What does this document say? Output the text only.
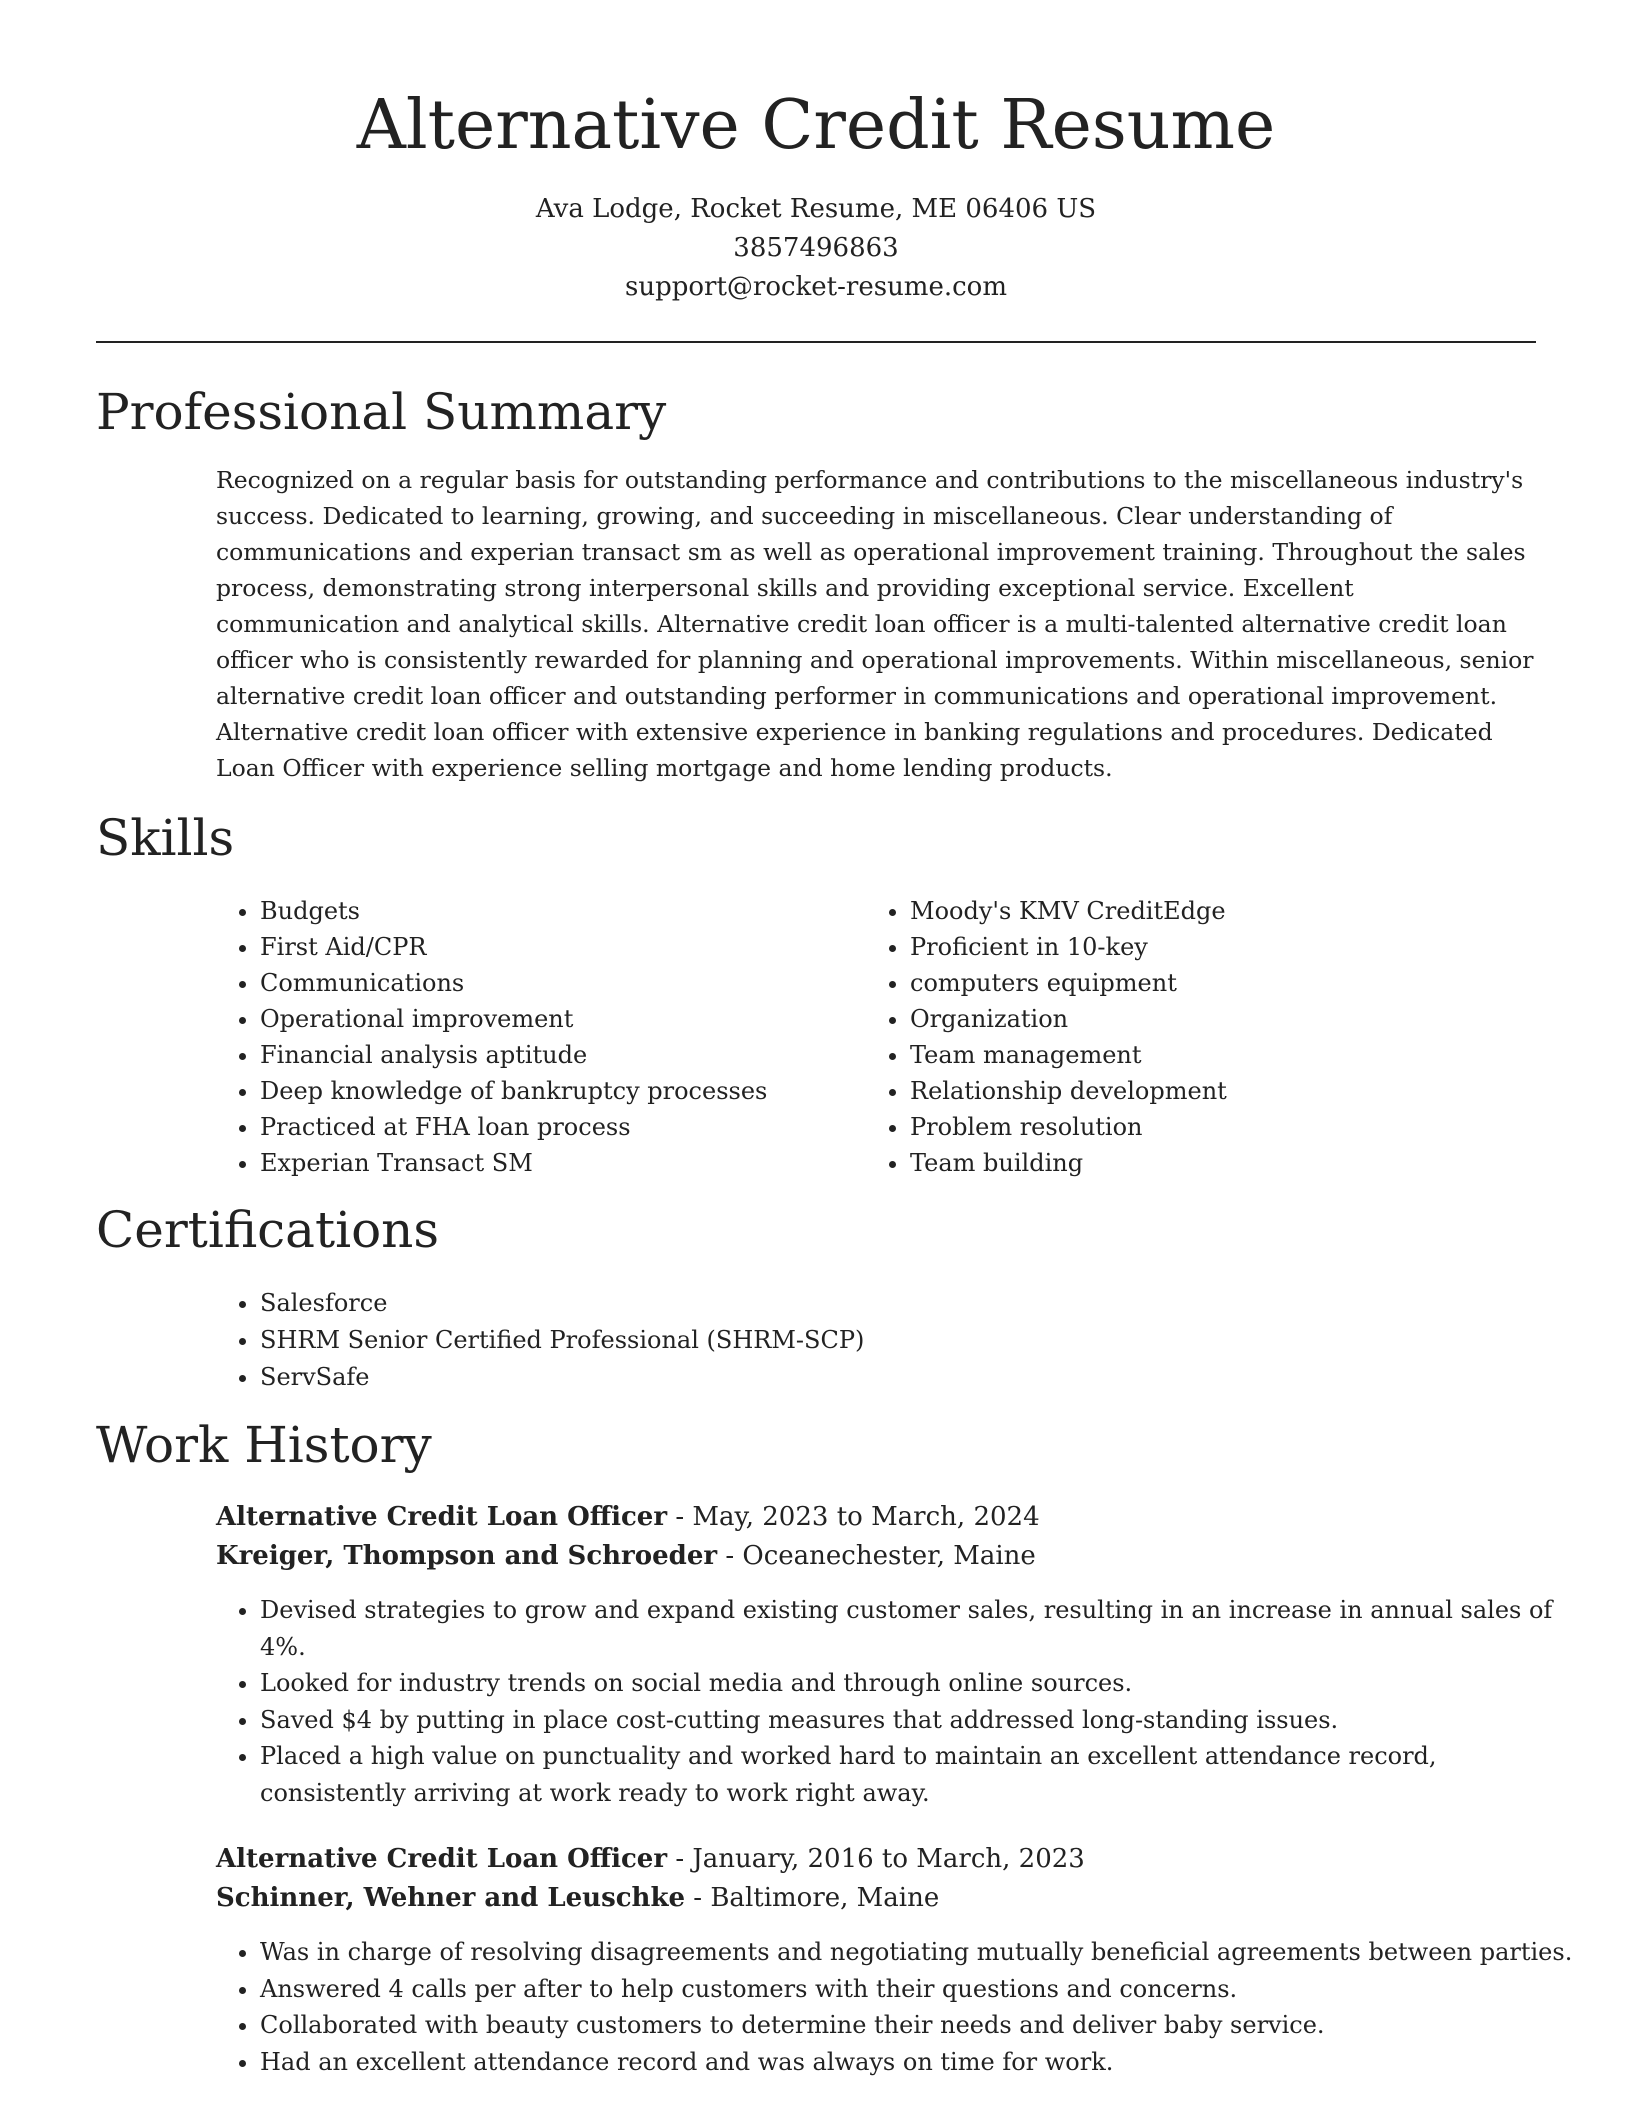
Alternative Credit Resume
Ava Lodge, Rocket Resume, ME 06406 US
3857496863
support@rocket-resume.com
Professional Summary

Recognized on a regular basis for outstanding performance and contributions to the miscellaneous industry's success. Dedicated to learning, growing, and succeeding in miscellaneous. Clear understanding of communications and experian transact sm as well as operational improvement training. Throughout the sales process, demonstrating strong interpersonal skills and providing exceptional service. Excellent communication and analytical skills. Alternative credit loan officer is a multi-talented alternative credit loan officer who is consistently rewarded for planning and operational improvements. Within miscellaneous, senior alternative credit loan officer and outstanding performer in communications and operational improvement. Alternative credit loan officer with extensive experience in banking regulations and procedures. Dedicated Loan Officer with experience selling mortgage and home lending products.

Skills
• Budgets
• First Aid/CPR
• Communications
• Operational improvement
• Financial analysis aptitude
• Deep knowledge of bankruptcy processes
• Practiced at FHA loan process
• Experian Transact SM
• Moody's KMV CreditEdge
• Proficient in 10-key
• computers equipment
• Organization
• Team management
• Relationship development
• Problem resolution
• Team building
Certifications
• Salesforce
• SHRM Senior Certified Professional (SHRM-SCP)
• ServSafe
Work History
Alternative Credit Loan Officer - May, 2023 to March, 2024
Kreiger, Thompson and Schroeder - Oceanechester, Maine
• Devised strategies to grow and expand existing customer sales, resulting in an increase in annual sales of 4%.
• Looked for industry trends on social media and through online sources.
• Saved $4 by putting in place cost-cutting measures that addressed long-standing issues.
• Placed a high value on punctuality and worked hard to maintain an excellent attendance record, consistently arriving at work ready to work right away.
Alternative Credit Loan Officer - January, 2016 to March, 2023
Schinner, Wehner and Leuschke - Baltimore, Maine
• Was in charge of resolving disagreements and negotiating mutually beneficial agreements between parties.
• Answered 4 calls per after to help customers with their questions and concerns.
• Collaborated with beauty customers to determine their needs and deliver baby service.
• Had an excellent attendance record and was always on time for work.
